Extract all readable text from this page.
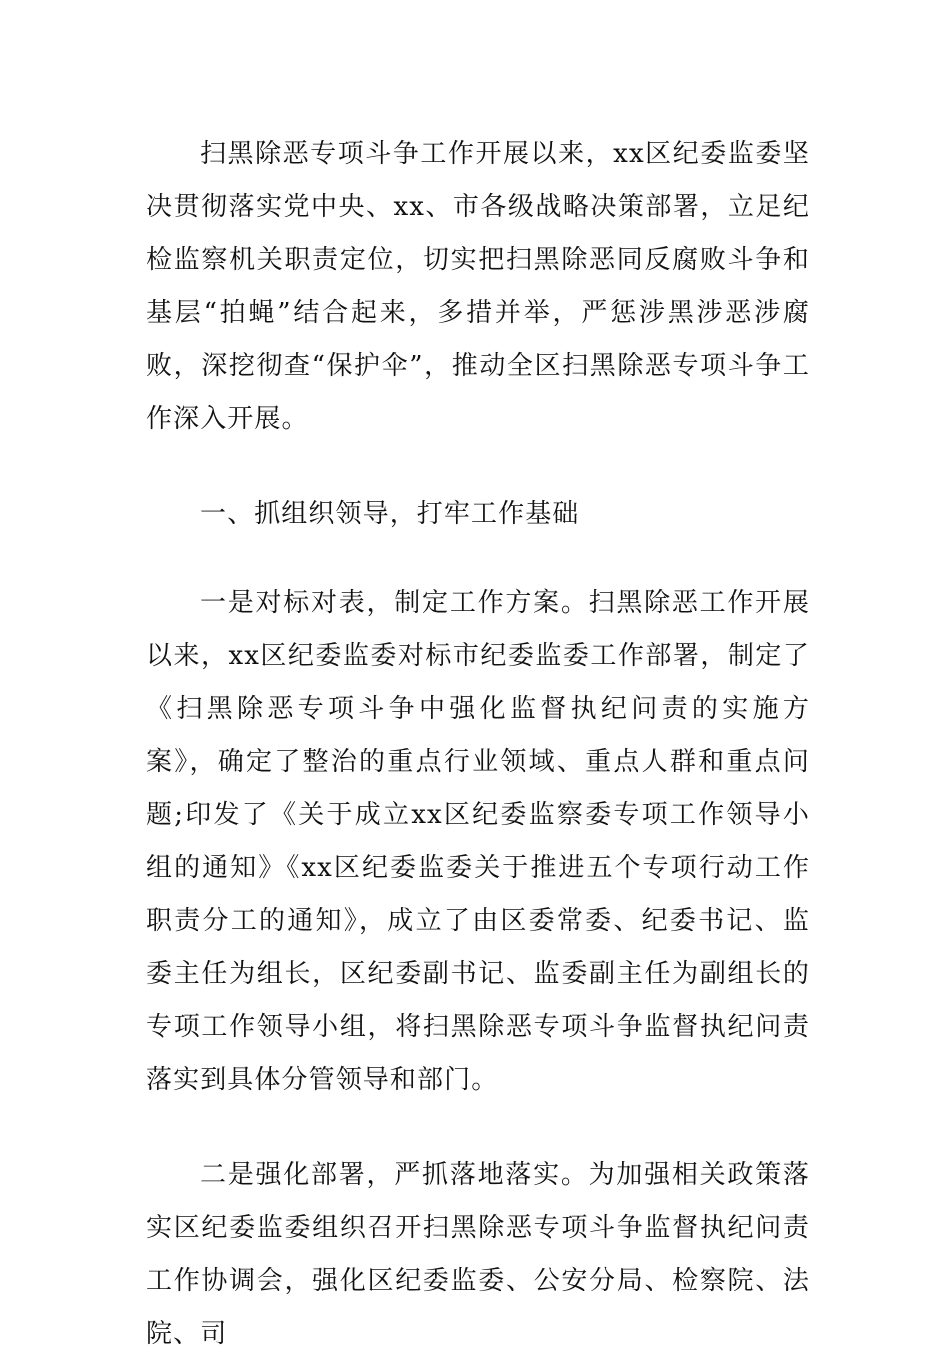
扫黑除恶专项斗争工作开展以来，xx区纪委监委坚决贯彻落实党中央、xx、市各级战略决策部署，立足纪检监察机关职责定位，切实把扫黑除恶同反腐败斗争和基层“拍蝇”结合起来，多措并举，严惩涉黑涉恶涉腐败，深挖彻查“保护伞”，推动全区扫黑除恶专项斗争工作深入开展。

一、抓组织领导，打牢工作基础

一是对标对表，制定工作方案。扫黑除恶工作开展以来，xx区纪委监委对标市纪委监委工作部署，制定了《扫黑除恶专项斗争中强化监督执纪问责的实施方案》，确定了整治的重点行业领域、重点人群和重点问题;印发了《关于成立xx区纪委监察委专项工作领导小组的通知》《xx区纪委监委关于推进五个专项行动工作职责分工的通知》，成立了由区委常委、纪委书记、监委主任为组长，区纪委副书记、监委副主任为副组长的专项工作领导小组，将扫黑除恶专项斗争监督执纪问责落实到具体分管领导和部门。

二是强化部署，严抓落地落实。为加强相关政策落实区纪委监委组织召开扫黑除恶专项斗争监督执纪问责工作协调会，强化区纪委监委、公安分局、检察院、法院、司
